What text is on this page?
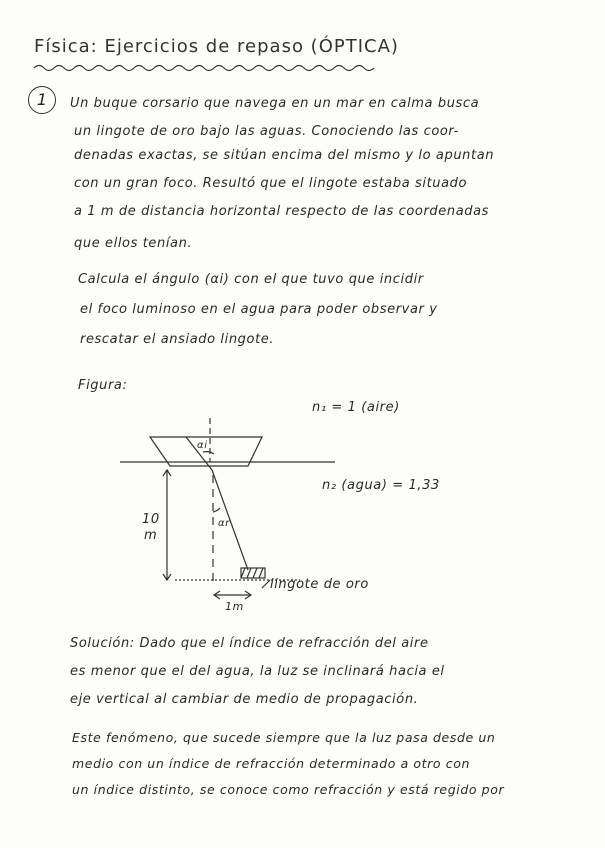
Física: Ejercicios de repaso (ÓPTICA)
1	Un buque corsario que navega en un mar en calma busca
un lingote de oro bajo las aguas. Conociendo las coor-
denadas exactas, se sitúan encima del mismo y lo apuntan
con un gran foco. Resultó que el lingote estaba situado
a 1 m de distancia horizontal respecto de las coordenadas
que ellos tenían.
Calcula el ángulo (αi) con el que tuvo que incidir
el foco luminoso en el agua para poder observar y
rescatar el ansiado lingote.
Figura:
n₁ = 1 (aire)
n₂ (agua) = 1,33
αi
αr
10
m
1m
lingote de oro
Solución: Dado que el índice de refracción del aire
es menor que el del agua, la luz se inclinará hacia el
eje vertical al cambiar de medio de propagación.
Este fenómeno, que sucede siempre que la luz pasa desde un
medio con un índice de refracción determinado a otro con
un índice distinto, se conoce como refracción y está regido por
